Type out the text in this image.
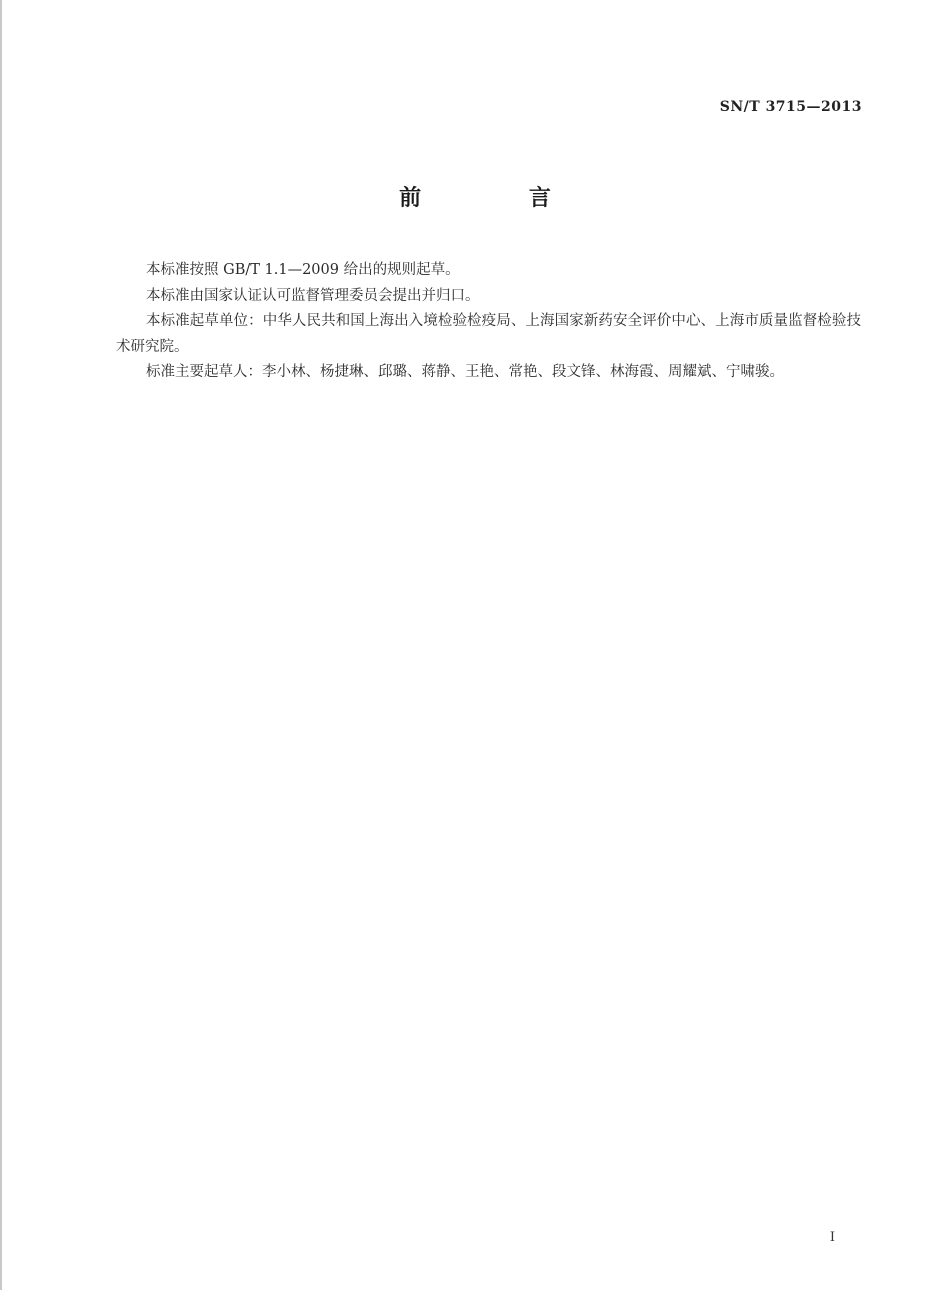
SN/T 3715—2013
前 言

本标准按照 GB/T 1.1—2009 给出的规则起草。

本标准由国家认证认可监督管理委员会提出并归口。

本标准起草单位：中华人民共和国上海出入境检验检疫局、上海国家新药安全评价中心、上海市质量监督检验技术研究院。

标准主要起草人：李小林、杨捷琳、邱璐、蒋静、王艳、常艳、段文锋、林海霞、周耀斌、宁啸骏。

I
